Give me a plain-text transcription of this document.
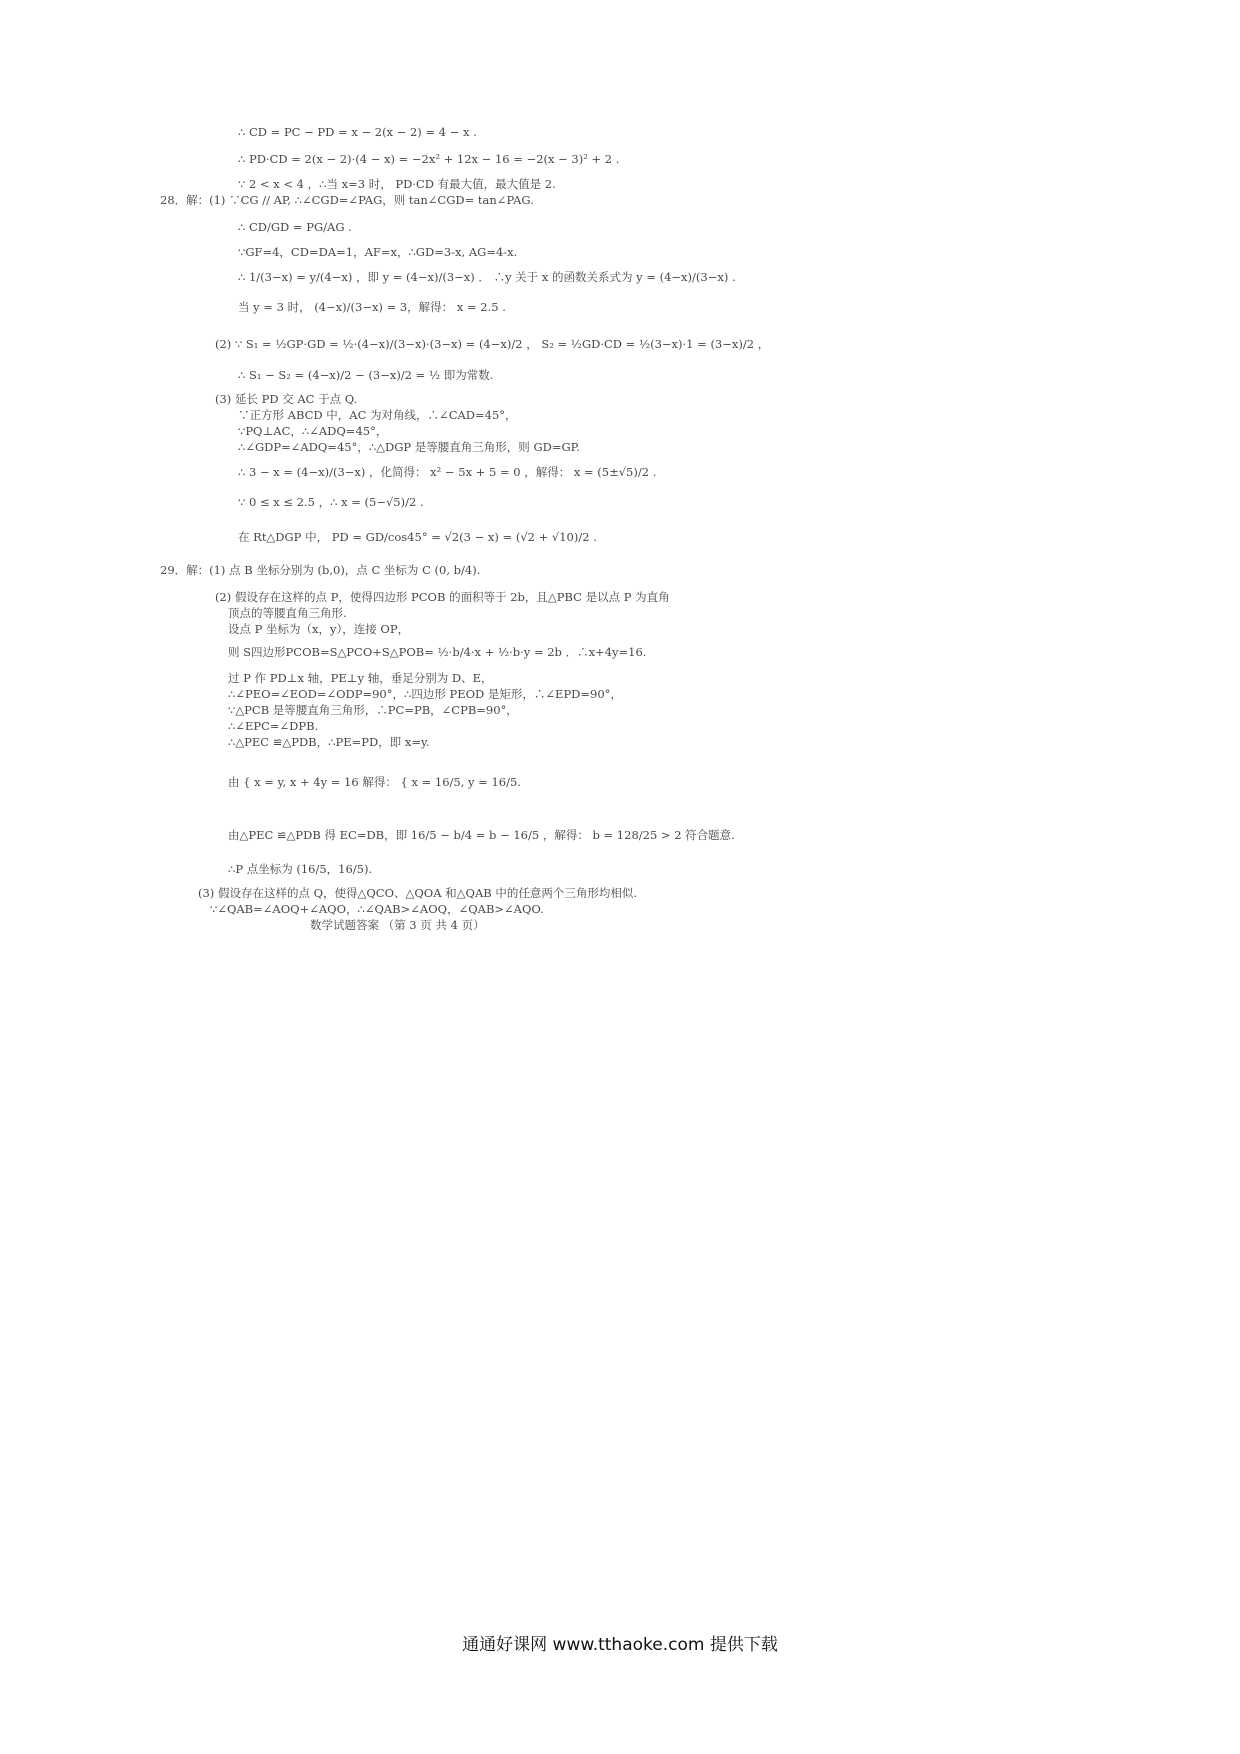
∴ CD = PC − PD = x − 2(x − 2) = 4 − x .
∴ PD·CD = 2(x − 2)·(4 − x) = −2x² + 12x − 16 = −2(x − 3)² + 2 .
∵ 2 < x < 4 ，∴当 x=3 时， PD·CD 有最大值，最大值是 2.
28．解：(1) ∵CG // AP, ∴∠CGD=∠PAG，则 tan∠CGD= tan∠PAG.
∴ CD/GD = PG/AG .
∵GF=4，CD=DA=1，AF=x，∴GD=3-x, AG=4-x.
∴ 1/(3−x) = y/(4−x) ，即 y = (4−x)/(3−x) ． ∴y 关于 x 的函数关系式为 y = (4−x)/(3−x) .
当 y = 3 时， (4−x)/(3−x) = 3，解得： x = 2.5 .
(2) ∵ S₁ = ½GP·GD = ½·(4−x)/(3−x)·(3−x) = (4−x)/2 ， S₂ = ½GD·CD = ½(3−x)·1 = (3−x)/2 ，
∴ S₁ − S₂ = (4−x)/2 − (3−x)/2 = ½ 即为常数.
(3) 延长 PD 交 AC 于点 Q.
∵正方形 ABCD 中，AC 为对角线，∴∠CAD=45°，
∵PQ⊥AC，∴∠ADQ=45°，
∴∠GDP=∠ADQ=45°，∴△DGP 是等腰直角三角形，则 GD=GP.
∴ 3 − x = (4−x)/(3−x) ，化简得： x² − 5x + 5 = 0 ，解得： x = (5±√5)/2 .
∵ 0 ≤ x ≤ 2.5 ，∴ x = (5−√5)/2 .
在 Rt△DGP 中， PD = GD/cos45° = √2(3 − x) = (√2 + √10)/2 .
29．解：(1) 点 B 坐标分别为 (b,0)，点 C 坐标为 C (0, b/4).
(2) 假设存在这样的点 P，使得四边形 PCOB 的面积等于 2b，且△PBC 是以点 P 为直角
顶点的等腰直角三角形.
设点 P 坐标为（x，y），连接 OP，
则 S四边形PCOB=S△PCO+S△POB= ½·b/4·x + ½·b·y = 2b ．∴x+4y=16.
过 P 作 PD⊥x 轴，PE⊥y 轴，垂足分别为 D、E，
∴∠PEO=∠EOD=∠ODP=90°，∴四边形 PEOD 是矩形，∴∠EPD=90°，
∵△PCB 是等腰直角三角形，∴PC=PB，∠CPB=90°，
∴∠EPC=∠DPB.
∴△PEC ≌△PDB，∴PE=PD，即 x=y.
由 { x = y, x + 4y = 16 解得： { x = 16/5, y = 16/5.
由△PEC ≌△PDB 得 EC=DB，即 16/5 − b/4 = b − 16/5 ，解得： b = 128/25 > 2 符合题意.
∴P 点坐标为 (16/5，16/5).
(3) 假设存在这样的点 Q，使得△QCO、△QOA 和△QAB 中的任意两个三角形均相似.
∵∠QAB=∠AOQ+∠AQO，∴∠QAB>∠AOQ，∠QAB>∠AQO.
数学试题答案 （第 3 页 共 4 页）
通通好课网 www.tthaoke.com 提供下载
